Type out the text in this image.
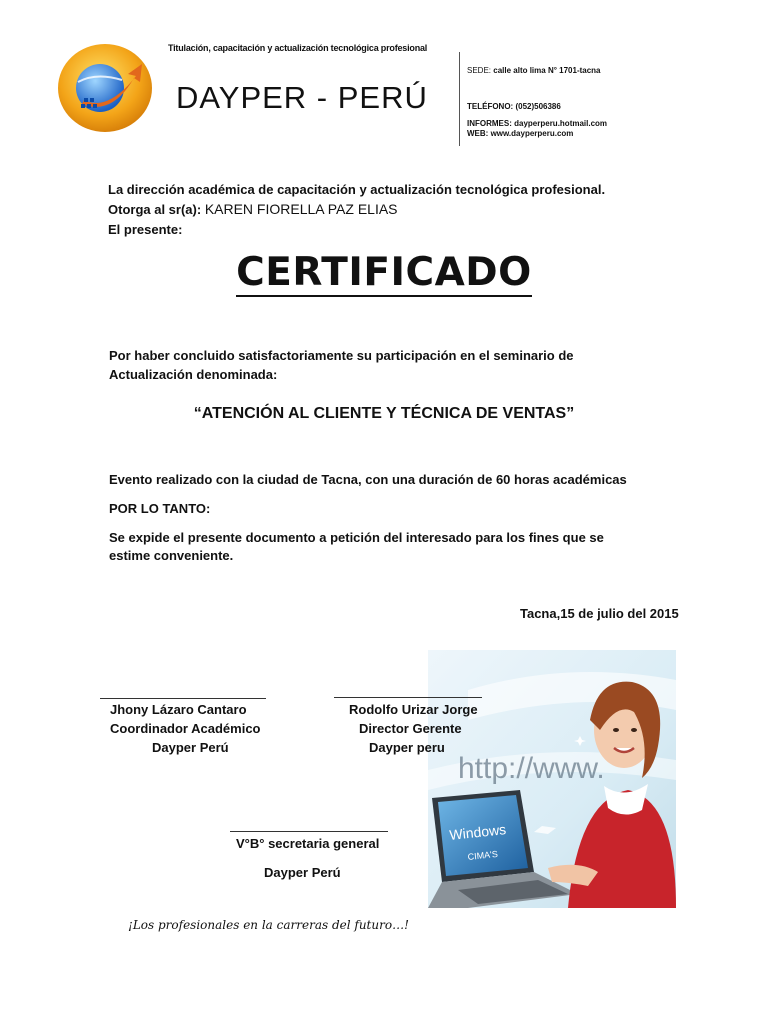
Titulación, capacitación y actualización tecnológica profesional
DAYPER - PERÚ
SEDE: calle alto lima N° 1701-tacna
TELÉFONO: (052)506386
INFORMES: dayperperu.hotmail.com
WEB: www.dayperperu.com
La dirección académica de capacitación y actualización tecnológica profesional.
Otorga al sr(a): KAREN FIORELLA PAZ ELIAS
El presente:
CERTIFICADO
Por haber concluido satisfactoriamente su participación en el seminario de
Actualización denominada:
“ATENCIÓN AL CLIENTE Y TÉCNICA DE VENTAS”
Evento realizado con la ciudad de Tacna, con una duración de 60 horas académicas
POR LO TANTO:
Se expide el presente documento a petición del interesado para los fines que se
estime conveniente.
Tacna,15 de julio del 2015
http://www.
Windows
CIMA'S
Jhony Lázaro Cantaro
Coordinador Académico
Dayper Perú
Rodolfo Urizar Jorge
Director Gerente
Dayper peru
V°B° secretaria general
Dayper Perú
¡Los profesionales en la carreras del futuro…!
